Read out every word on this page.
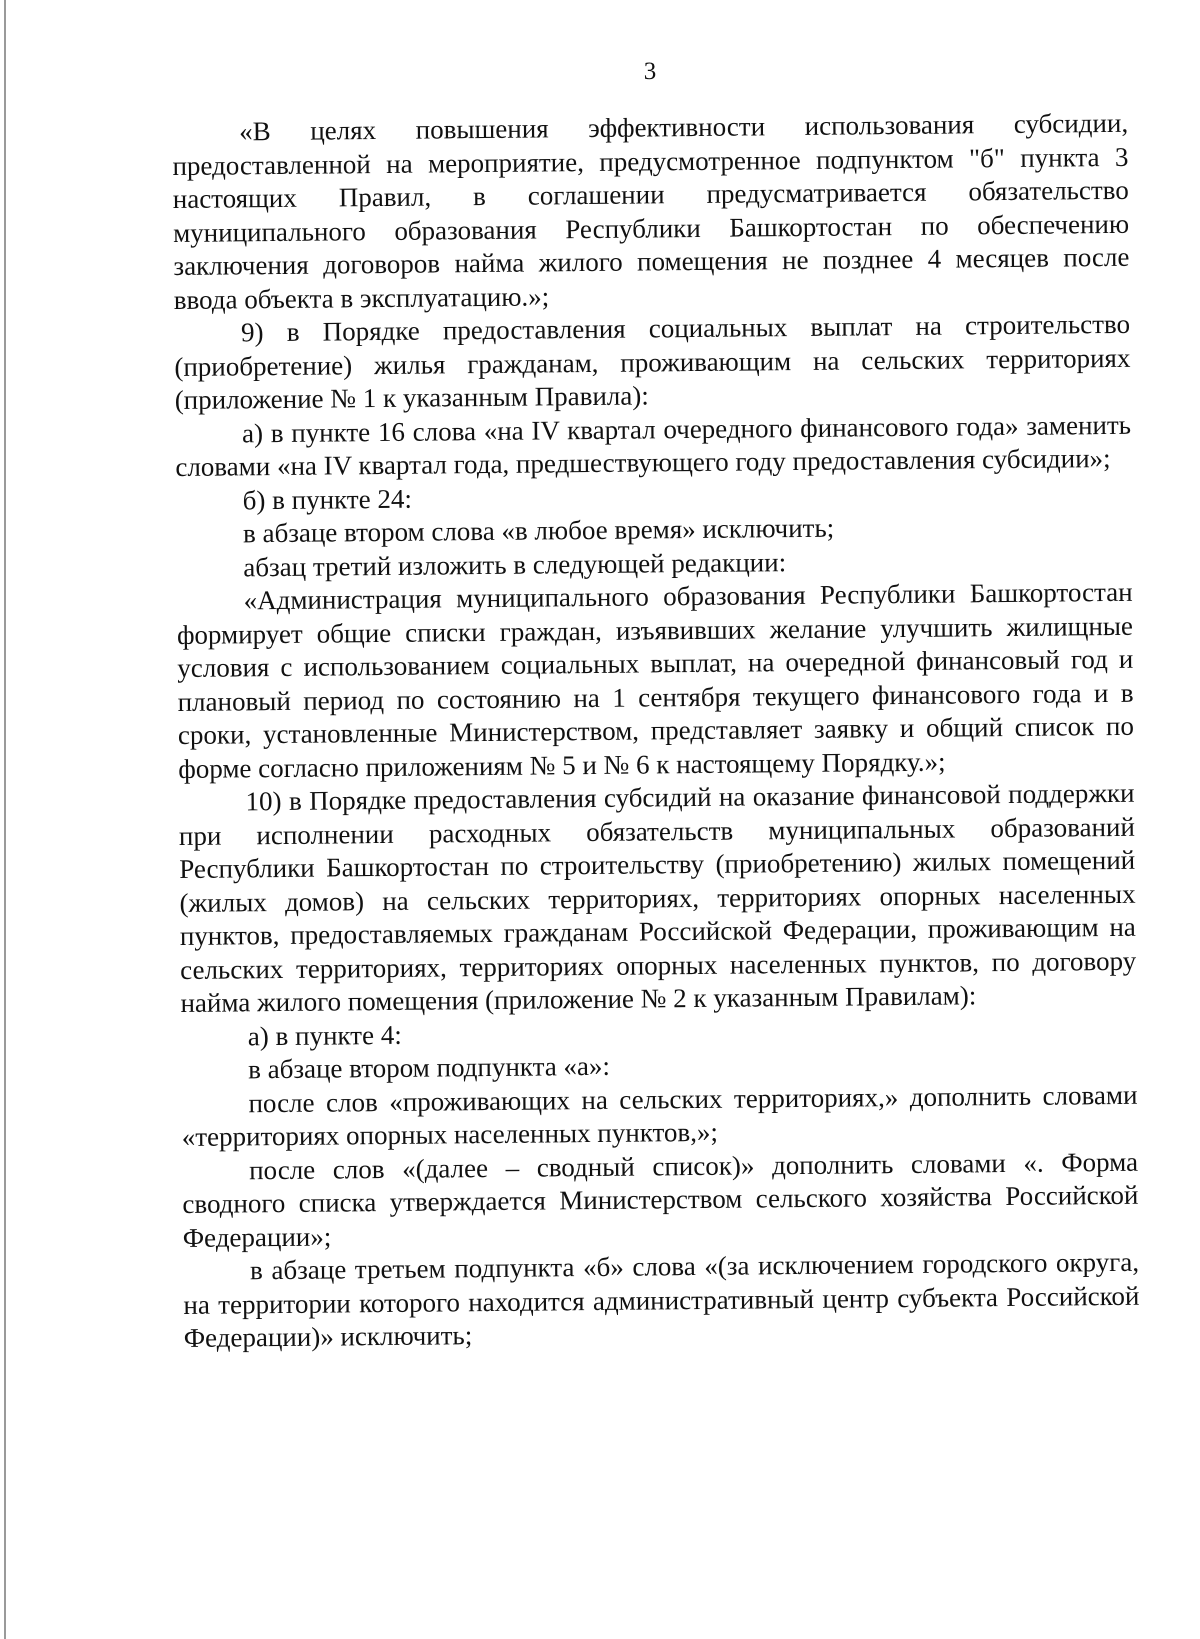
3

«В целях повышения эффективности использования субсидии, предоставленной на мероприятие, предусмотренное подпунктом "б" пункта 3 настоящих Правил, в соглашении предусматривается обязательство муниципального образования Республики Башкортостан по обеспечению заключения договоров найма жилого помещения не позднее 4 месяцев после ввода объекта в эксплуатацию.»;

9) в Порядке предоставления социальных выплат на строительство (приобретение) жилья гражданам, проживающим на сельских территориях (приложение № 1 к указанным Правила):

а) в пункте 16 слова «на IV квартал очередного финансового года» заменить словами «на IV квартал года, предшествующего году предоставления субсидии»;

б) в пункте 24:

в абзаце втором слова «в любое время» исключить;

абзац третий изложить в следующей редакции:

«Администрация муниципального образования Республики Башкортостан формирует общие списки граждан, изъявивших желание улучшить жилищные условия с использованием социальных выплат, на очередной финансовый год и плановый период по состоянию на 1 сентября текущего финансового года и в сроки, установленные Министерством, представляет заявку и общий список по форме согласно приложениям № 5 и № 6 к настоящему Порядку.»;

10) в Порядке предоставления субсидий на оказание финансовой поддержки при исполнении расходных обязательств муниципальных образований Республики Башкортостан по строительству (приобретению) жилых помещений (жилых домов) на сельских территориях, территориях опорных населенных пунктов, предоставляемых гражданам Российской Федерации, проживающим на сельских территориях, территориях опорных населенных пунктов, по договору найма жилого помещения (приложение № 2 к указанным Правилам):

а) в пункте 4:

в абзаце втором подпункта «а»:

после слов «проживающих на сельских территориях,» дополнить словами «территориях опорных населенных пунктов,»;

после слов «(далее – сводный список)» дополнить словами «. Форма сводного списка утверждается Министерством сельского хозяйства Российской Федерации»;

в абзаце третьем подпункта «б» слова «(за исключением городского округа, на территории которого находится административный центр субъекта Российской Федерации)» исключить;
